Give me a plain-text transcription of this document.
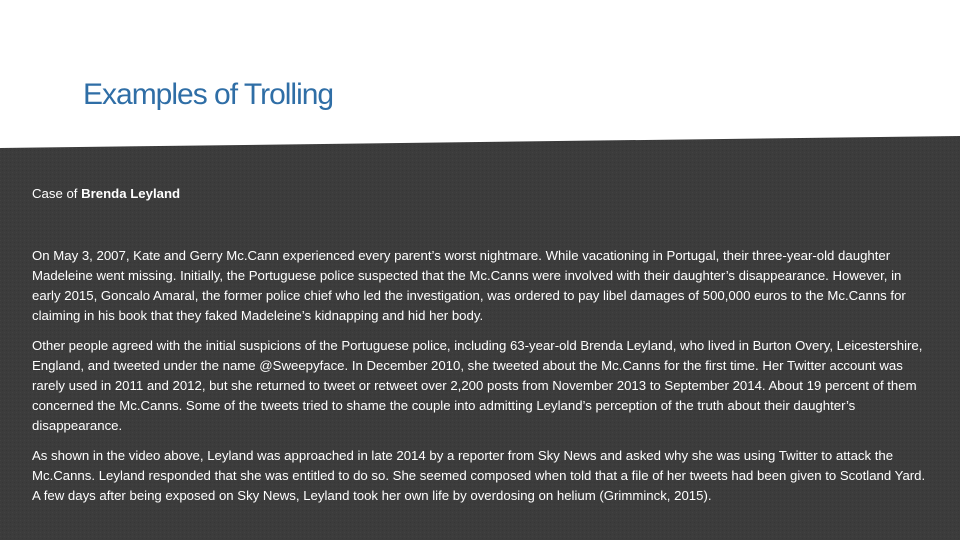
Examples of Trolling

Case of Brenda Leyland

On May 3, 2007, Kate and Gerry Mc.Cann experienced every parent’s worst nightmare. While vacationing in Portugal, their three-year-old daughter Madeleine went missing. Initially, the Portuguese police suspected that the Mc.Canns were involved with their daughter’s disappearance. However, in early 2015, Goncalo Amaral, the former police chief who led the investigation, was ordered to pay libel damages of 500,000 euros to the Mc.Canns for claiming in his book that they faked Madeleine’s kidnapping and hid her body.

Other people agreed with the initial suspicions of the Portuguese police, including 63-year-old Brenda Leyland, who lived in Burton Overy, Leicestershire, England, and tweeted under the name @Sweepyface. In December 2010, she tweeted about the Mc.Canns for the first time. Her Twitter account was rarely used in 2011 and 2012, but she returned to tweet or retweet over 2,200 posts from November 2013 to September 2014. About 19 percent of them concerned the Mc.Canns. Some of the tweets tried to shame the couple into admitting Leyland’s perception of the truth about their daughter’s disappearance.

As shown in the video above, Leyland was approached in late 2014 by a reporter from Sky News and asked why she was using Twitter to attack the Mc.Canns. Leyland responded that she was entitled to do so. She seemed composed when told that a file of her tweets had been given to Scotland Yard. A few days after being exposed on Sky News, Leyland took her own life by overdosing on helium (Grimminck, 2015).
